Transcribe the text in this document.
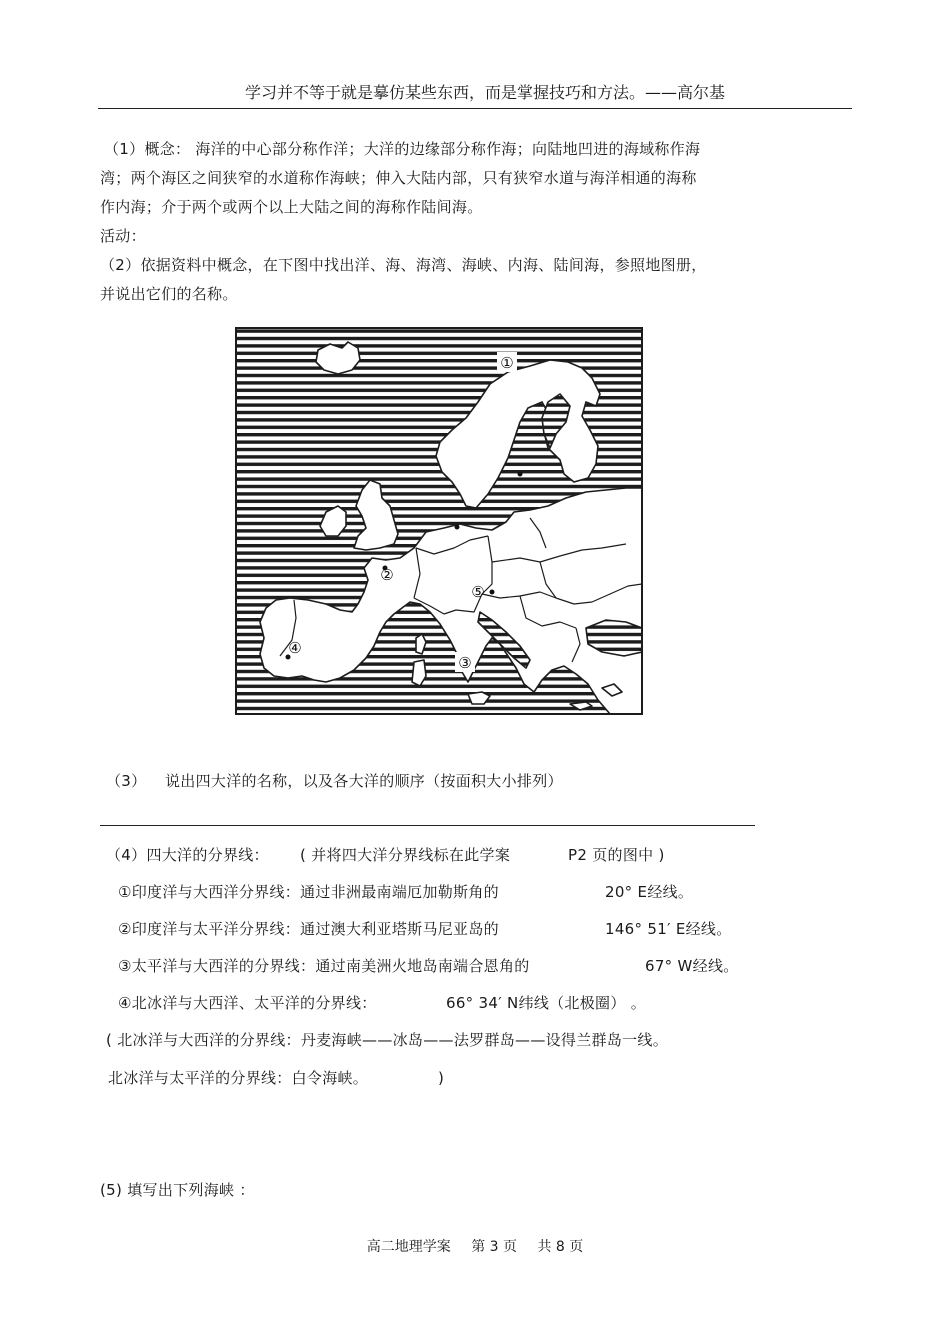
学习并不等于就是摹仿某些东西，而是掌握技巧和方法。——高尔基
（1）概念： 海洋的中心部分称作洋；大洋的边缘部分称作海；向陆地凹进的海域称作海
湾；两个海区之间狭窄的水道称作海峡；伸入大陆内部，只有狭窄水道与海洋相通的海称
作内海；介于两个或两个以上大陆之间的海称作陆间海。
活动：
（2）依据资料中概念，在下图中找出洋、海、海湾、海峡、内海、陆间海，参照地图册，
并说出它们的名称。
①
②
③
④
⑤
（3） 说出四大洋的名称，以及各大洋的顺序（按面积大小排列）
（4）四大洋的分界线： ( 并将四大洋分界线标在此学案	P2 页的图中 )
①印度洋与大西洋分界线：通过非洲最南端厄加勒斯角的	20° E经线。
②印度洋与太平洋分界线：通过澳大利亚塔斯马尼亚岛的	146° 51′ E经线。
③太平洋与大西洋的分界线：通过南美洲火地岛南端合恩角的	67° W经线。
④北冰洋与大西洋、太平洋的分界线：	66° 34′ N纬线（北极圈） 。
( 北冰洋与大西洋的分界线：丹麦海峡——冰岛——法罗群岛——设得兰群岛一线。
北冰洋与太平洋的分界线：白令海峡。	)
(5) 填写出下列海峡 ：
高二地理学案 第 3 页 共 8 页
